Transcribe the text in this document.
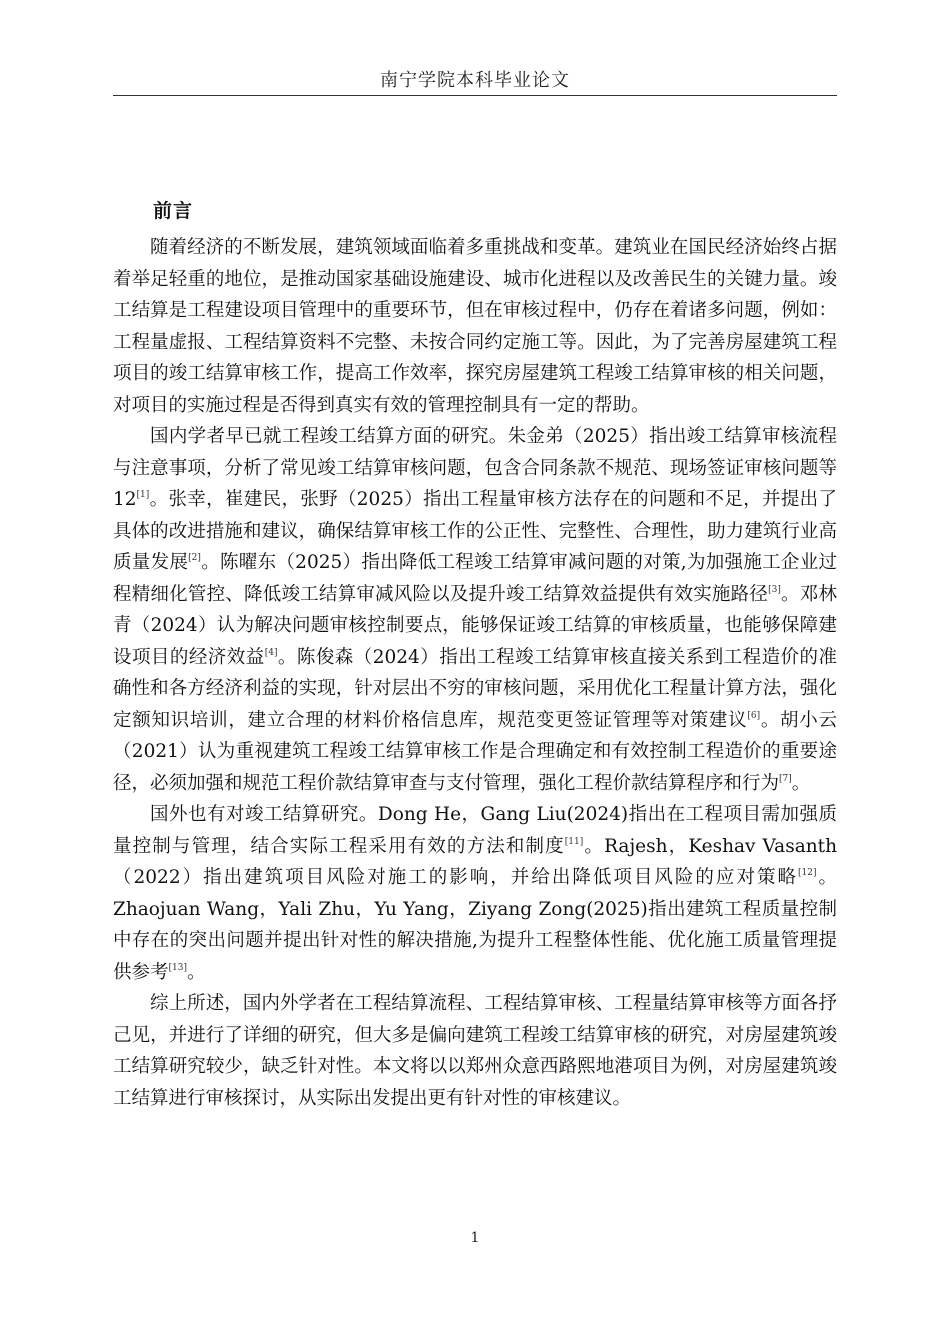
南宁学院本科毕业论文
前言

随着经济的不断发展，建筑领域面临着多重挑战和变革。建筑业在国民经济始终占据着举足轻重的地位，是推动国家基础设施建设、城市化进程以及改善民生的关键力量。竣工结算是工程建设项目管理中的重要环节，但在审核过程中，仍存在着诸多问题，例如：工程量虚报、工程结算资料不完整、未按合同约定施工等。因此，为了完善房屋建筑工程项目的竣工结算审核工作，提高工作效率，探究房屋建筑工程竣工结算审核的相关问题，对项目的实施过程是否得到真实有效的管理控制具有一定的帮助。

国内学者早已就工程竣工结算方面的研究。朱金弟（2025）指出竣工结算审核流程与注意事项，分析了常见竣工结算审核问题，包含合同条款不规范、现场签证审核问题等 12[1]。张幸，崔建民，张野（2025）指出工程量审核方法存在的问题和不足，并提出了具体的改进措施和建议，确保结算审核工作的公正性、完整性、合理性，助力建筑行业高质量发展[2]。陈曜东（2025）指出降低工程竣工结算审减问题的对策,为加强施工企业过程精细化管控、降低竣工结算审减风险以及提升竣工结算效益提供有效实施路径[3]。邓林青（2024）认为解决问题审核控制要点，能够保证竣工结算的审核质量，也能够保障建设项目的经济效益[4]。陈俊森（2024）指出工程竣工结算审核直接关系到工程造价的准确性和各方经济利益的实现，针对层出不穷的审核问题，采用优化工程量计算方法，强化定额知识培训，建立合理的材料价格信息库，规范变更签证管理等对策建议[6]。胡小云（2021）认为重视建筑工程竣工结算审核工作是合理确定和有效控制工程造价的重要途径，必须加强和规范工程价款结算审查与支付管理，强化工程价款结算程序和行为[7]。

国外也有对竣工结算研究。Dong He，Gang Liu(2024)指出在工程项目需加强质量控制与管理，结合实际工程采用有效的方法和制度[11]。Rajesh，Keshav Vasanth（2022）指出建筑项目风险对施工的影响，并给出降低项目风险的应对策略[12]。Zhaojuan Wang，Yali Zhu，Yu Yang，Ziyang Zong(2025)指出建筑工程质量控制中存在的突出问题并提出针对性的解决措施,为提升工程整体性能、优化施工质量管理提供参考[13]。

综上所述，国内外学者在工程结算流程、工程结算审核、工程量结算审核等方面各抒己见，并进行了详细的研究，但大多是偏向建筑工程竣工结算审核的研究，对房屋建筑竣工结算研究较少，缺乏针对性。本文将以以郑州众意西路熙地港项目为例，对房屋建筑竣工结算进行审核探讨，从实际出发提出更有针对性的审核建议。

1
